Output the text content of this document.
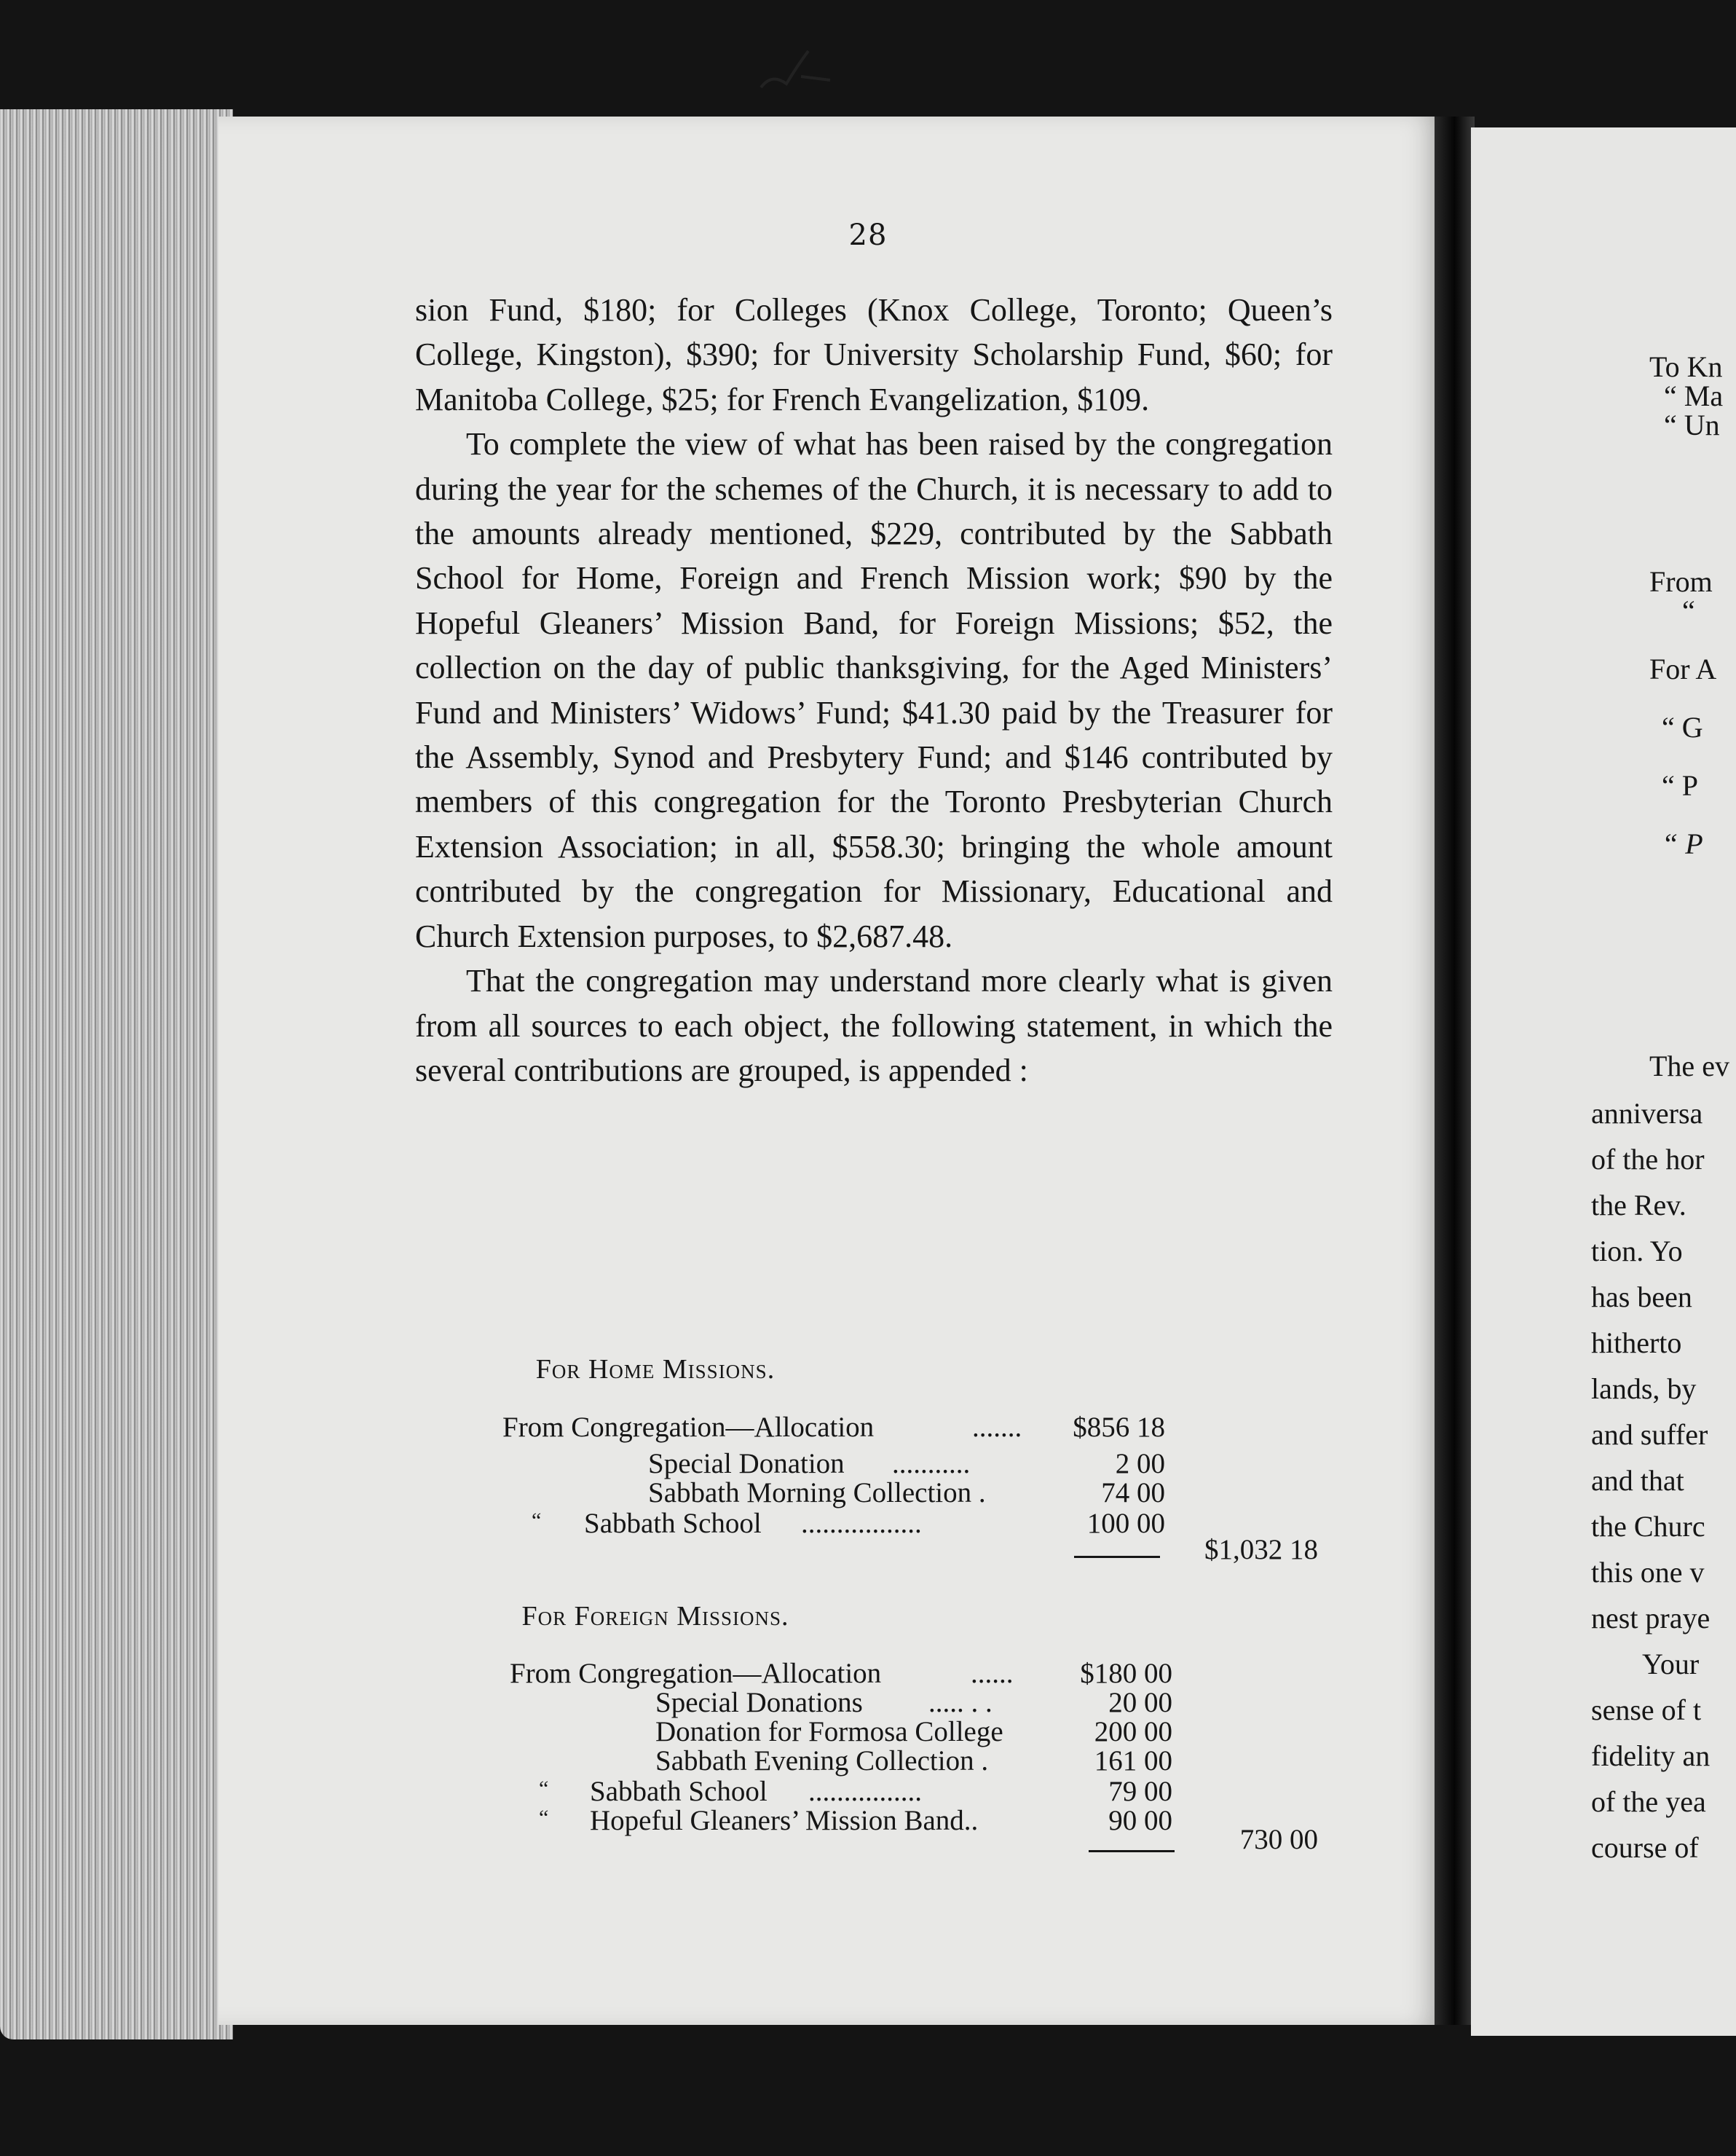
28

sion Fund, $180; for Colleges (Knox College, Toronto; Queen’s College, Kingston), $390; for University Scholarship Fund, $60; for Manitoba College, $25; for French Evangelization, $109.

To complete the view of what has been raised by the congregation during the year for the schemes of the Church, it is necessary to add to the amounts already mentioned, $229, contributed by the Sabbath School for Home, Foreign and French Mission work; $90 by the Hopeful Gleaners’ Mission Band, for Foreign Missions; $52, the collection on the day of public thanksgiving, for the Aged Ministers’ Fund and Ministers’ Widows’ Fund; $41.30 paid by the Treasurer for the Assembly, Synod and Presbytery Fund; and $146 contributed by members of this congregation for the Toronto Presbyterian Church Extension Association; in all, $558.30; bringing the whole amount contributed by the congregation for Missionary, Educational and Church Extension purposes, to $2,687.48.

That the congregation may understand more clearly what is given from all sources to each object, the following statement, in which the several contributions are grouped, is appended :

For Home Missions.
From Congregation—Allocation	.......	$856 18
Special Donation ...........	2 00
Sabbath Morning Collection .	74 00
“ Sabbath School .................	100 00
$1,032 18
For Foreign Missions.
From Congregation—Allocation	......	$180 00
Special Donations ..... . .	20 00
Donation for Formosa College	200 00
Sabbath Evening Collection .	161 00
“ Sabbath School ................	79 00
“ Hopeful Gleaners’ Mission Band..	90 00
730 00
To Kn
“ Ma
“ Un
From
“
For A
“ G
“ P
“ P
The ev
anniversa
of the hor
the Rev.
tion. Yo
has been
hitherto
lands, by
and suffer
and that
the Churc
this one v
nest praye
Your
sense of t
fidelity an
of the yea
course of
